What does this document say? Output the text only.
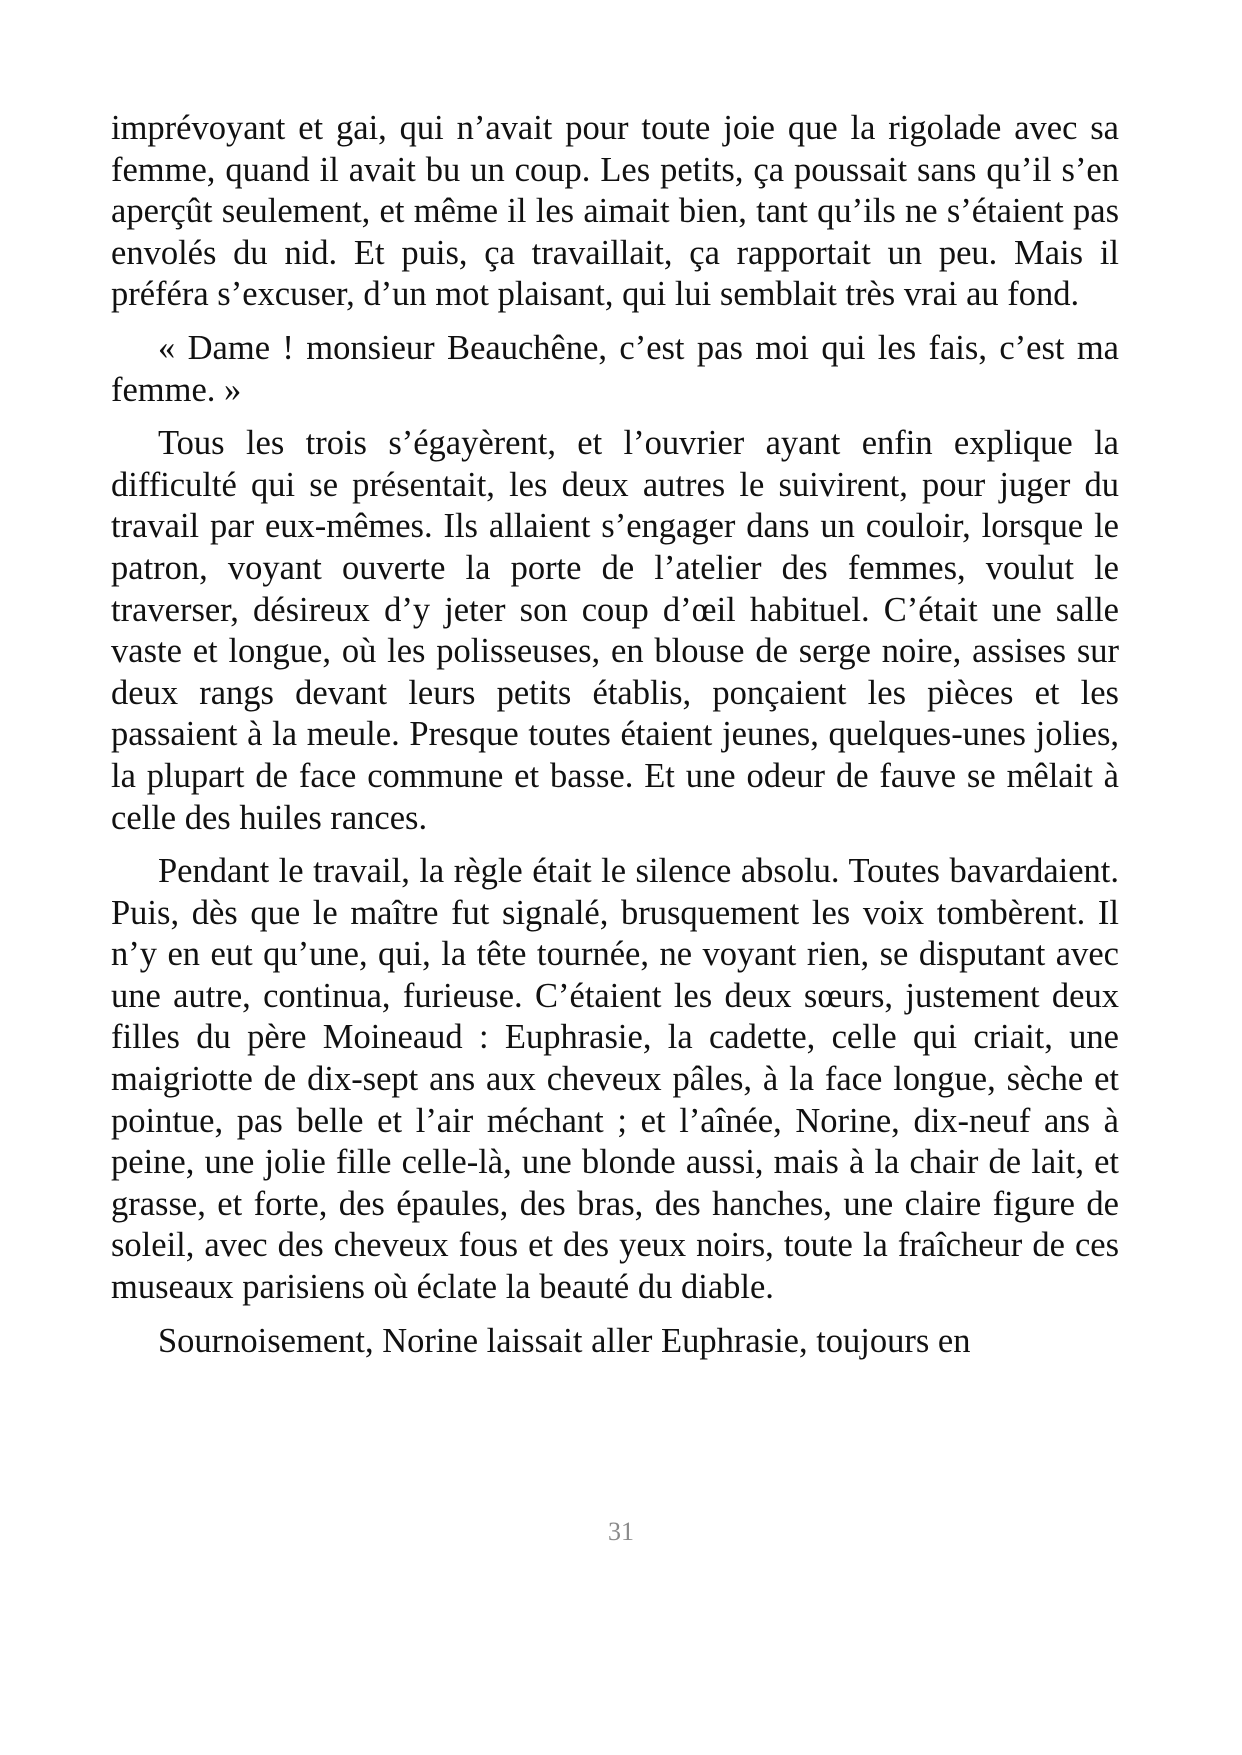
imprévoyant et gai, qui n’avait pour toute joie que la rigolade avec sa femme, quand il avait bu un coup. Les petits, ça poussait sans qu’il s’en aperçût seulement, et même il les aimait bien, tant qu’ils ne s’étaient pas envolés du nid. Et puis, ça travaillait, ça rapportait un peu. Mais il préféra s’excuser, d’un mot plaisant, qui lui semblait très vrai au fond.

« Dame ! monsieur Beauchêne, c’est pas moi qui les fais, c’est ma femme. »

Tous les trois s’égayèrent, et l’ouvrier ayant enfin explique la difficulté qui se présentait, les deux autres le suivirent, pour juger du travail par eux-mêmes. Ils allaient s’engager dans un couloir, lorsque le patron, voyant ouverte la porte de l’atelier des femmes, voulut le traverser, désireux d’y jeter son coup d’œil habituel. C’était une salle vaste et longue, où les polisseuses, en blouse de serge noire, assises sur deux rangs devant leurs petits établis, ponçaient les pièces et les passaient à la meule. Presque toutes étaient jeunes, quelques-unes jolies, la plupart de face commune et basse. Et une odeur de fauve se mêlait à celle des huiles rances.

Pendant le travail, la règle était le silence absolu. Toutes bavardaient. Puis, dès que le maître fut signalé, brusquement les voix tombèrent. Il n’y en eut qu’une, qui, la tête tournée, ne voyant rien, se disputant avec une autre, continua, furieuse. C’étaient les deux sœurs, justement deux filles du père Moineaud : Euphrasie, la cadette, celle qui criait, une maigriotte de dix-sept ans aux cheveux pâles, à la face longue, sèche et pointue, pas belle et l’air méchant ; et l’aînée, Norine, dix-neuf ans à peine, une jolie fille celle-là, une blonde aussi, mais à la chair de lait, et grasse, et forte, des épaules, des bras, des hanches, une claire figure de soleil, avec des cheveux fous et des yeux noirs, toute la fraîcheur de ces museaux parisiens où éclate la beauté du diable.

Sournoisement, Norine laissait aller Euphrasie, toujours en

31
